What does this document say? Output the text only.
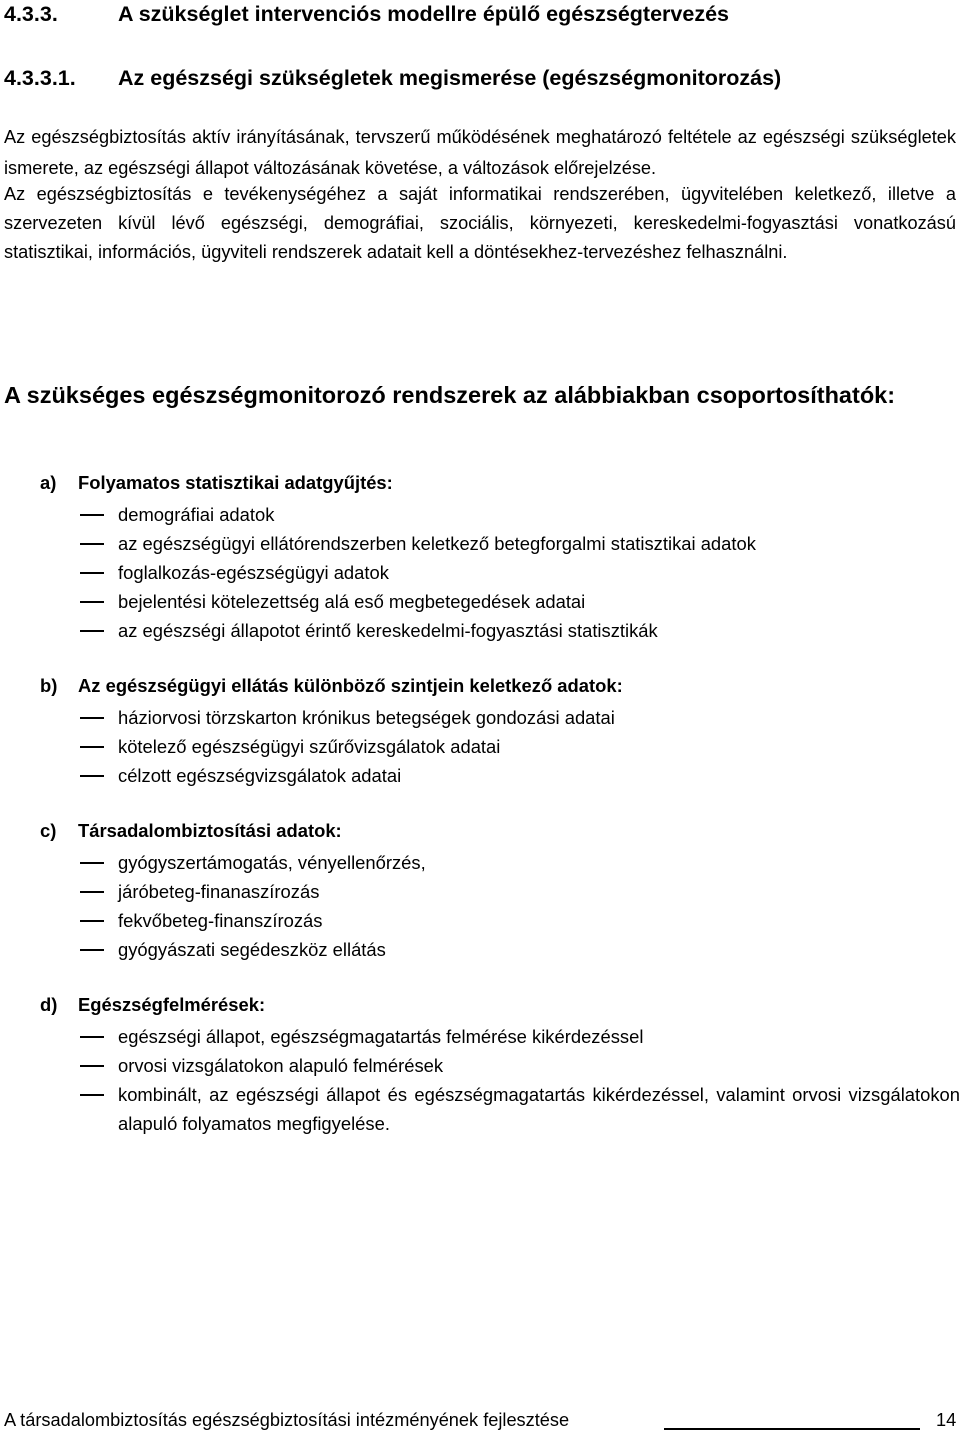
4.3.3.	A szükséglet intervenciós modellre épülő egészségtervezés
4.3.3.1. Az egészségi szükségletek megismerése (egészségmonitorozás)
Az egészségbiztosítás aktív irányításának, tervszerű működésének meghatározó feltétele az egészségi szükségletek ismerete, az egészségi állapot változásának követése, a változások előrejelzése.
Az egészségbiztosítás e tevékenységéhez a saját informatikai rendszerében, ügyvitelében keletkező, illetve a szervezeten kívül lévő egészségi, demográfiai, szociális, környezeti, kereskedelmi-fogyasztási vonatkozású statisztikai, információs, ügyviteli rendszerek adatait kell a döntésekhez-tervezéshez felhasználni.
A szükséges egészségmonitorozó rendszerek az alábbiakban csoportosíthatók:
a) Folyamatos statisztikai adatgyűjtés:
demográfiai adatok
az egészségügyi ellátórendszerben keletkező betegforgalmi statisztikai adatok
foglalkozás-egészségügyi adatok
bejelentési kötelezettség alá eső megbetegedések adatai
az egészségi állapotot érintő kereskedelmi-fogyasztási statisztikák
b) Az egészségügyi ellátás különböző szintjein keletkező adatok:
háziorvosi törzskarton krónikus betegségek gondozási adatai
kötelező egészségügyi szűrővizsgálatok adatai
célzott egészségvizsgálatok adatai
c) Társadalombiztosítási adatok:
gyógyszertámogatás, vényellenőrzés,
járóbeteg-finanaszírozás
fekvőbeteg-finanszírozás
gyógyászati segédeszköz ellátás
d) Egészségfelmérések:
egészségi állapot, egészségmagatartás felmérése kikérdezéssel
orvosi vizsgálatokon alapuló felmérések
kombinált, az egészségi állapot és egészségmagatartás kikérdezéssel, valamint orvosi vizsgálatokon alapuló folyamatos megfigyelése.
A társadalombiztosítás egészségbiztosítási intézményének fejlesztése	14
